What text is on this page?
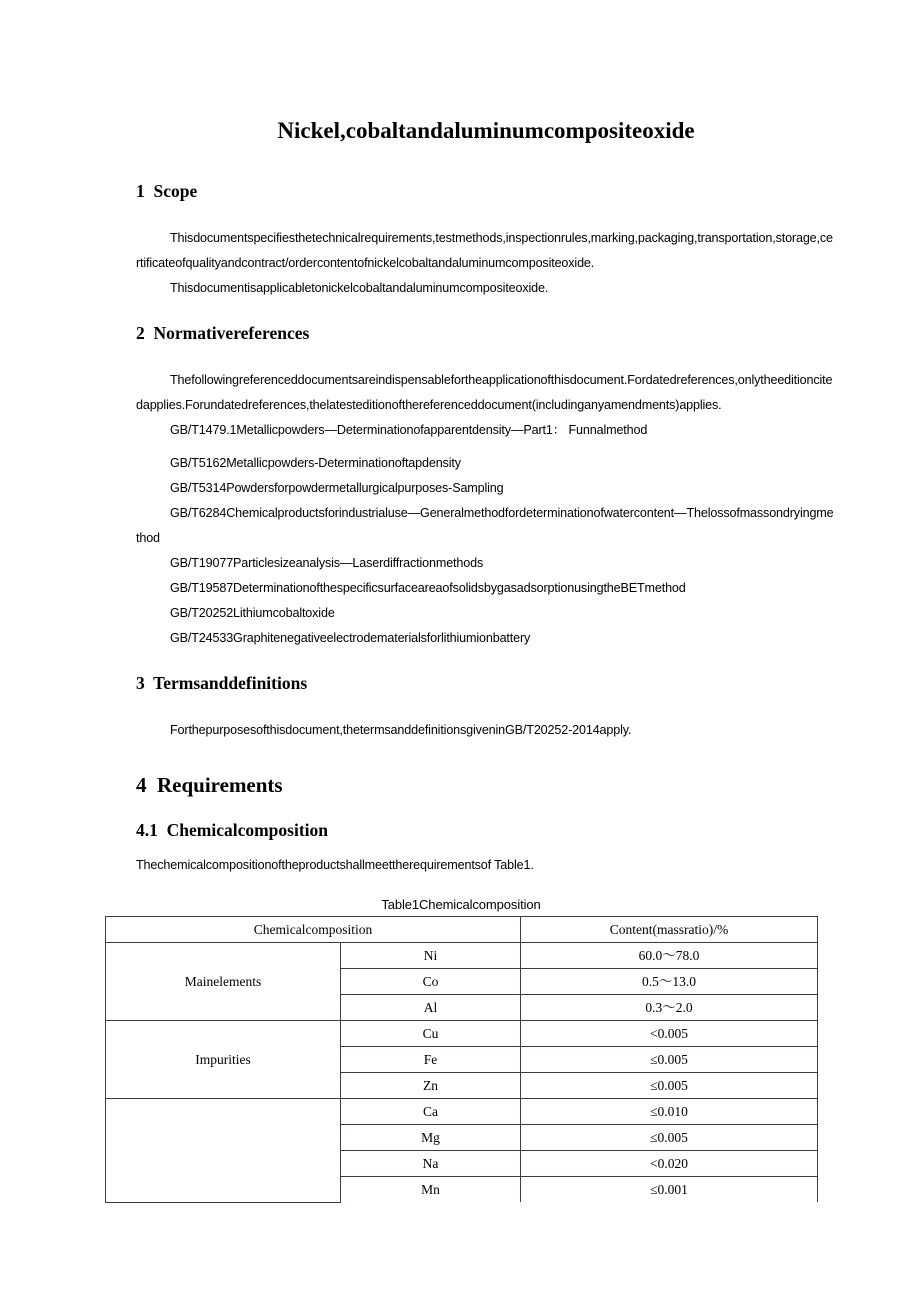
Nickel,cobaltandaluminumcompositeoxide
1  Scope

Thisdocumentspecifiesthetechnicalrequirements,testmethods,inspectionrules,marking,packaging,transportation,storage,certificateofqualityandcontract/ordercontentofnickelcobaltandaluminumcompositeoxide.

Thisdocumentisapplicabletonickelcobaltandaluminumcompositeoxide.

2  Normativereferences

Thefollowingreferenceddocumentsareindispensablefortheapplicationofthisdocument.Fordatedreferences,onlytheeditioncitedapplies.Forundatedreferences,thelatesteditionofthereferenceddocument(includinganyamendments)applies.

GB/T1479.1Metallicpowders—Determinationofapparentdensity—Part1： Funnalmethod

GB/T5162Metallicpowders-Determinationoftapdensity

GB/T5314Powdersforpowdermetallurgicalpurposes-Sampling

GB/T6284Chemicalproductsforindustrialuse—Generalmethodfordeterminationofwatercontent—Thelossofmassondryingmethod

GB/T19077Particlesizeanalysis—Laserdiffractionmethods

GB/T19587DeterminationofthespecificsurfaceareaofsolidsbygasadsorptionusingtheBETmethod

GB/T20252Lithiumcobaltoxide

GB/T24533Graphitenegativeelectrodematerialsforlithiumionbattery

3  Termsanddefinitions

Forthepurposesofthisdocument,thetermsanddefinitionsgiveninGB/T20252-2014apply.

4  Requirements
4.1  Chemicalcomposition

Thechemicalcompositionoftheproductshallmeettherequirementsof Table1.

Table1Chemicalcomposition
Chemicalcomposition		Content(massratio)/%
Mainelements	Ni	60.0～78.0
	Co	0.5～13.0
	Al	0.3～2.0
Impurities	Cu	<0.005
	Fe	≤0.005
	Zn	≤0.005
	Ca	≤0.010
	Mg	≤0.005
	Na	<0.020
	Mn	≤0.001
